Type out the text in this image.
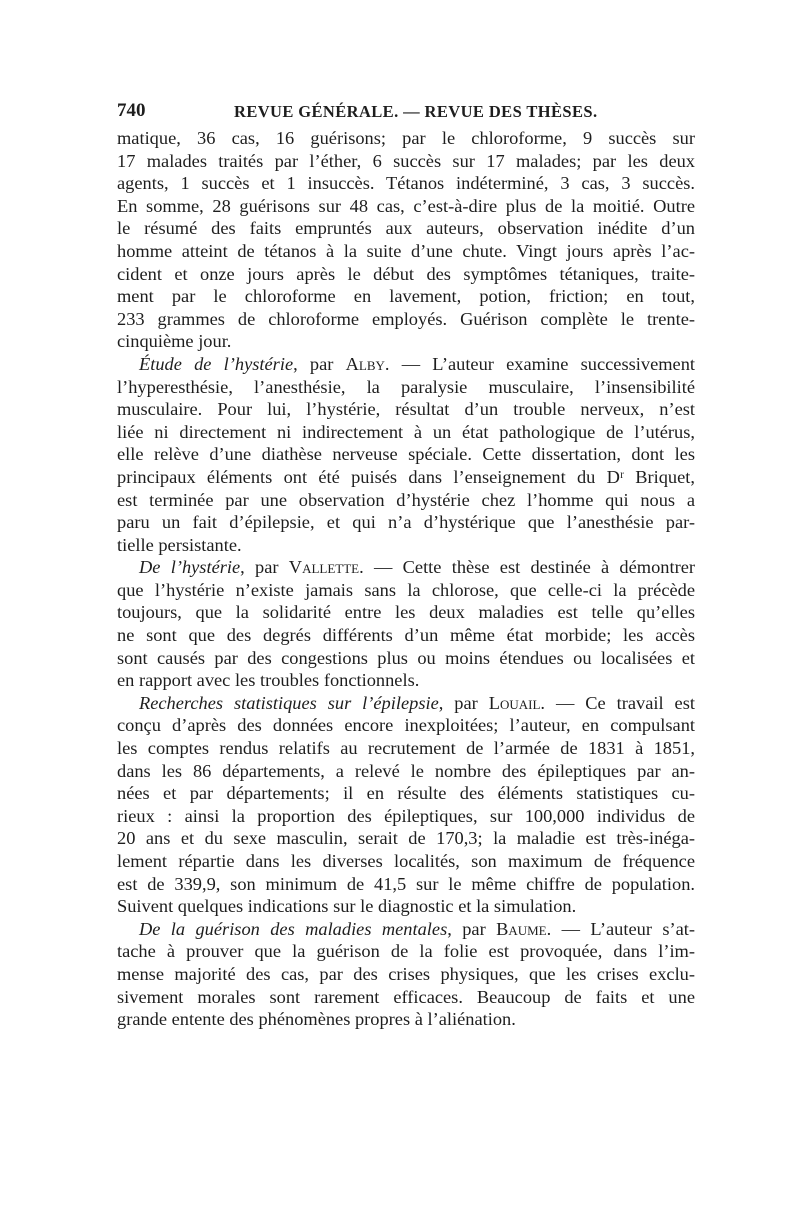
740	REVUE GÉNÉRALE. — REVUE DES THÈSES.
matique, 36 cas, 16 guérisons; par le chloroforme, 9 succès sur
17 malades traités par l’éther, 6 succès sur 17 malades; par les deux
agents, 1 succès et 1 insuccès. Tétanos indéterminé, 3 cas, 3 succès.
En somme, 28 guérisons sur 48 cas, c’est-à-dire plus de la moitié. Outre
le résumé des faits empruntés aux auteurs, observation inédite d’un
homme atteint de tétanos à la suite d’une chute. Vingt jours après l’ac-
cident et onze jours après le début des symptômes tétaniques, traite-
ment par le chloroforme en lavement, potion, friction; en tout,
233 grammes de chloroforme employés. Guérison complète le trente-
cinquième jour.
Étude de l’hystérie, par Alby. — L’auteur examine successivement
l’hyperesthésie, l’anesthésie, la paralysie musculaire, l’insensibilité
musculaire. Pour lui, l’hystérie, résultat d’un trouble nerveux, n’est
liée ni directement ni indirectement à un état pathologique de l’utérus,
elle relève d’une diathèse nerveuse spéciale. Cette dissertation, dont les
principaux éléments ont été puisés dans l’enseignement du Dʳ Briquet,
est terminée par une observation d’hystérie chez l’homme qui nous a
paru un fait d’épilepsie, et qui n’a d’hystérique que l’anesthésie par-
tielle persistante.
De l’hystérie, par Vallette. — Cette thèse est destinée à démontrer
que l’hystérie n’existe jamais sans la chlorose, que celle-ci la précède
toujours, que la solidarité entre les deux maladies est telle qu’elles
ne sont que des degrés différents d’un même état morbide; les accès
sont causés par des congestions plus ou moins étendues ou localisées et
en rapport avec les troubles fonctionnels.
Recherches statistiques sur l’épilepsie, par Louail. — Ce travail est
conçu d’après des données encore inexploitées; l’auteur, en compulsant
les comptes rendus relatifs au recrutement de l’armée de 1831 à 1851,
dans les 86 départements, a relevé le nombre des épileptiques par an-
nées et par départements; il en résulte des éléments statistiques cu-
rieux : ainsi la proportion des épileptiques, sur 100,000 individus de
20 ans et du sexe masculin, serait de 170,3; la maladie est très-inéga-
lement répartie dans les diverses localités, son maximum de fréquence
est de 339,9, son minimum de 41,5 sur le même chiffre de population.
Suivent quelques indications sur le diagnostic et la simulation.
De la guérison des maladies mentales, par Baume. — L’auteur s’at-
tache à prouver que la guérison de la folie est provoquée, dans l’im-
mense majorité des cas, par des crises physiques, que les crises exclu-
sivement morales sont rarement efficaces. Beaucoup de faits et une
grande entente des phénomènes propres à l’aliénation.
